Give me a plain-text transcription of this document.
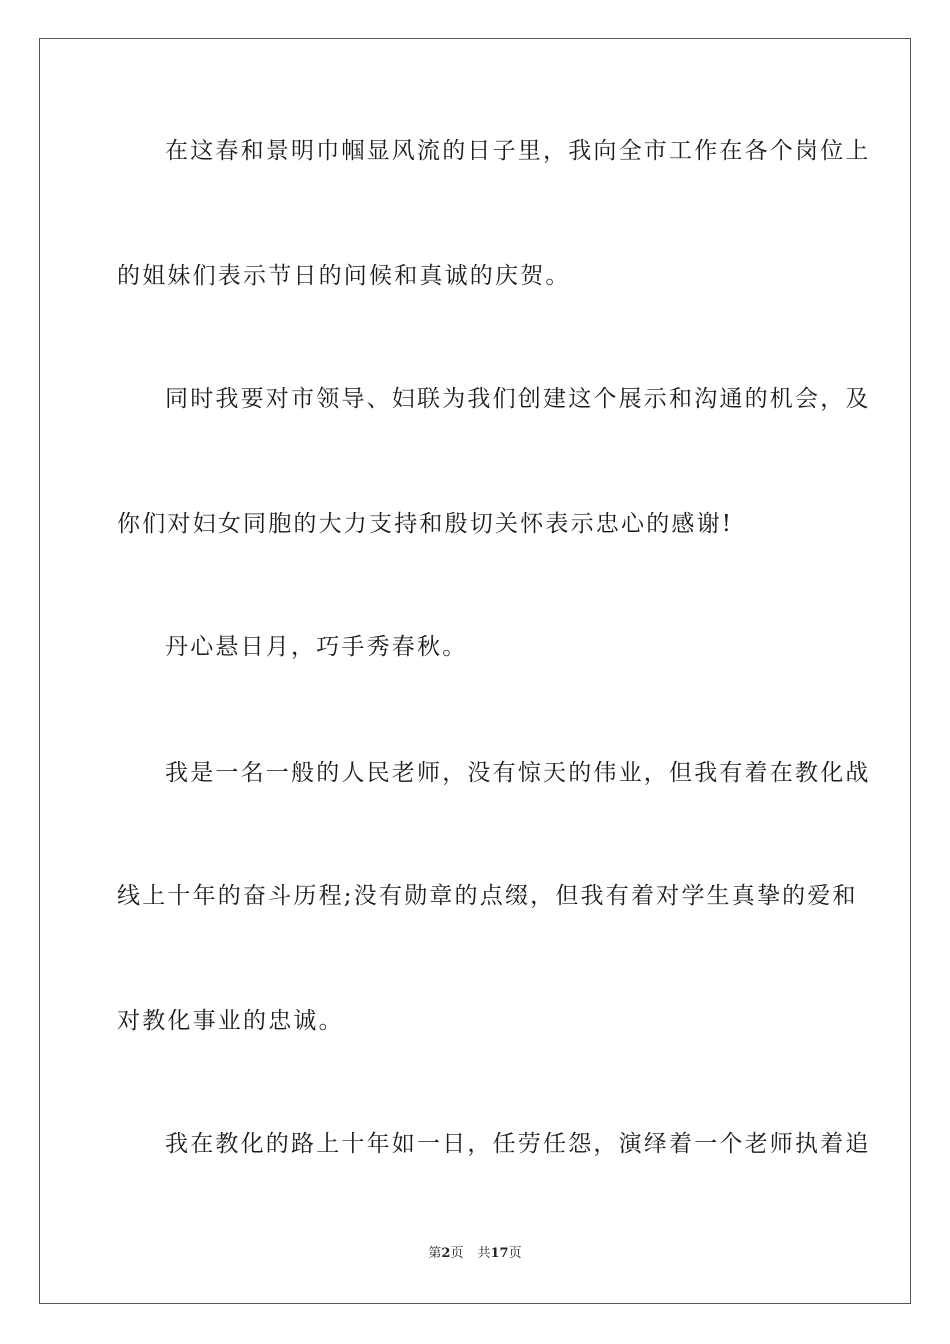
在这春和景明巾帼显风流的日子里，我向全市工作在各个岗位上
的姐妹们表示节日的问候和真诚的庆贺。
同时我要对市领导、妇联为我们创建这个展示和沟通的机会，及
你们对妇女同胞的大力支持和殷切关怀表示忠心的感谢!
丹心悬日月，巧手秀春秋。
我是一名一般的人民老师，没有惊天的伟业，但我有着在教化战
线上十年的奋斗历程;没有勋章的点缀，但我有着对学生真挚的爱和
对教化事业的忠诚。
我在教化的路上十年如一日，任劳任怨，演绎着一个老师执着追
第2页 共17页
